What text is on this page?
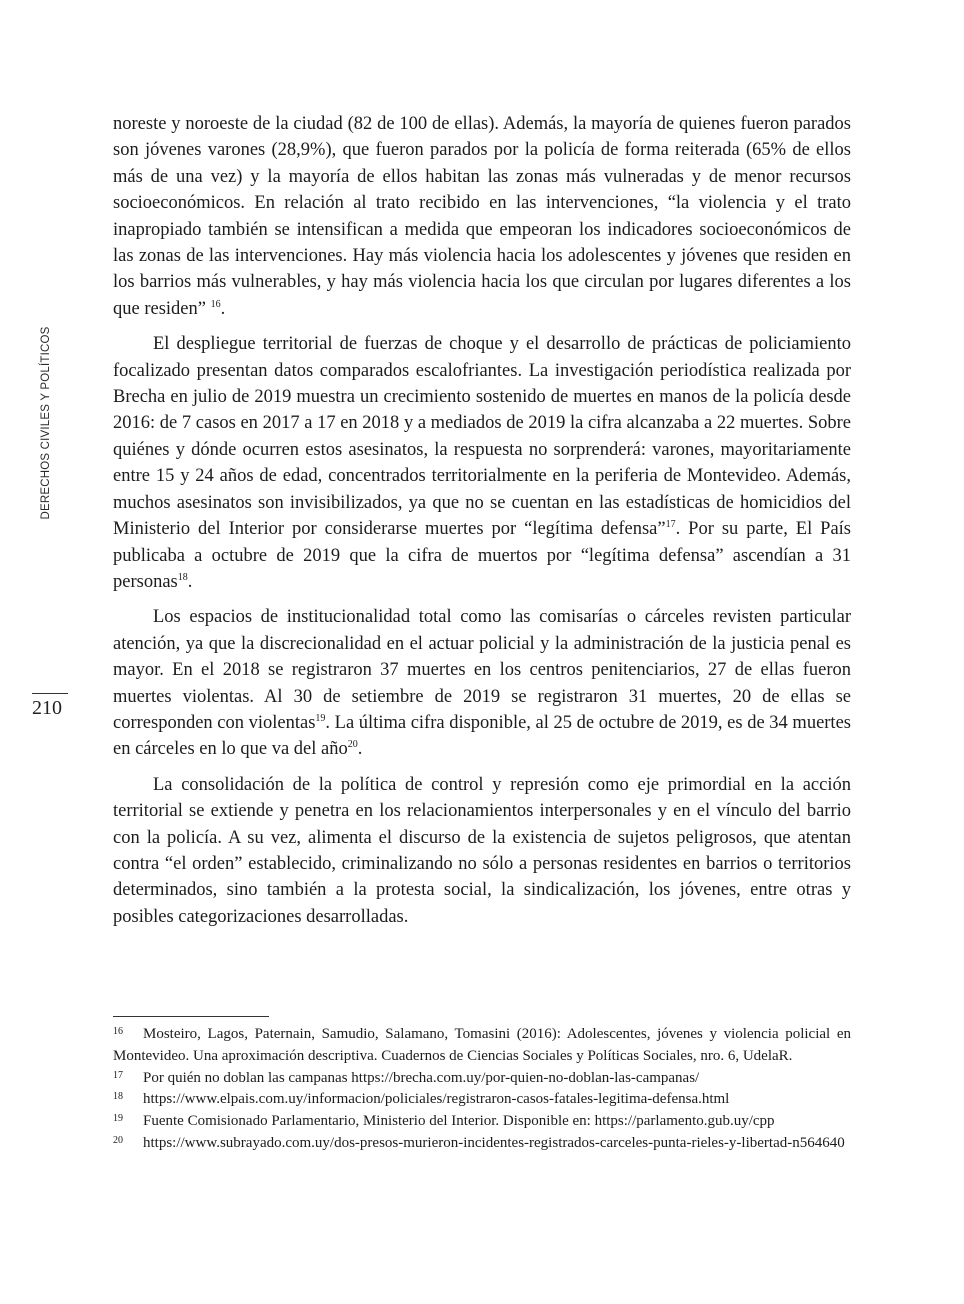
DERECHOS CIVILES Y POLÍTICOS
210

noreste y noroeste de la ciudad (82 de 100 de ellas). Además, la mayoría de quienes fueron parados son jóvenes varones (28,9%), que fueron parados por la policía de forma reiterada (65% de ellos más de una vez) y la mayoría de ellos habitan las zonas más vulneradas y de menor recursos socioeconómicos. En relación al trato recibido en las intervenciones, “la violencia y el trato inapropiado también se intensifican a medida que empeoran los indicadores socioeconómicos de las zonas de las intervenciones. Hay más violencia hacia los adolescentes y jóvenes que residen en los barrios más vulnerables, y hay más violencia hacia los que circulan por lugares diferentes a los que residen” $^{16}$.

El despliegue territorial de fuerzas de choque y el desarrollo de prácticas de policiamiento focalizado presentan datos comparados escalofriantes. La investigación periodística realizada por Brecha en julio de 2019 muestra un crecimiento sostenido de muertes en manos de la policía desde 2016: de 7 casos en 2017 a 17 en 2018 y a mediados de 2019 la cifra alcanzaba a 22 muertes. Sobre quiénes y dónde ocurren estos asesinatos, la respuesta no sorprenderá: varones, mayoritariamente entre 15 y 24 años de edad, concentrados territorialmente en la periferia de Montevideo. Además, muchos asesinatos son invisibilizados, ya que no se cuentan en las estadísticas de homicidios del Ministerio del Interior por considerarse muertes por “legítima defensa”$^{17}$. Por su parte, El País publicaba a octubre de 2019 que la cifra de muertos por “legítima defensa” ascendían a 31 personas$^{18}$.

Los espacios de institucionalidad total como las comisarías o cárceles revisten particular atención, ya que la discrecionalidad en el actuar policial y la administración de la justicia penal es mayor. En el 2018 se registraron 37 muertes en los centros penitenciarios, 27 de ellas fueron muertes violentas. Al 30 de setiembre de 2019 se registraron 31 muertes, 20 de ellas se corresponden con violentas$^{19}$. La última cifra disponible, al 25 de octubre de 2019, es de 34 muertes en cárceles en lo que va del año$^{20}$.

La consolidación de la política de control y represión como eje primordial en la acción territorial se extiende y penetra en los relacionamientos interpersonales y en el vínculo del barrio con la policía. A su vez, alimenta el discurso de la existencia de sujetos peligrosos, que atentan contra “el orden” establecido, criminalizando no sólo a personas residentes en barrios o territorios determinados, sino también a la protesta social, la sindicalización, los jóvenes, entre otras y posibles categorizaciones desarrolladas.

16 Mosteiro, Lagos, Paternain, Samudio, Salamano, Tomasini (2016): Adolescentes, jóvenes y violencia policial en Montevideo. Una aproximación descriptiva. Cuadernos de Ciencias Sociales y Políticas Sociales, nro. 6, UdelaR.

17 Por quién no doblan las campanas https://brecha.com.uy/por-quien-no-doblan-las-campanas/

18 https://www.elpais.com.uy/informacion/policiales/registraron-casos-fatales-legitima-defensa.html

19 Fuente Comisionado Parlamentario, Ministerio del Interior. Disponible en: https://parlamento.gub.uy/cpp

20 https://www.subrayado.com.uy/dos-presos-murieron-incidentes-registrados-carceles-punta-rieles-y-libertad-n564640
